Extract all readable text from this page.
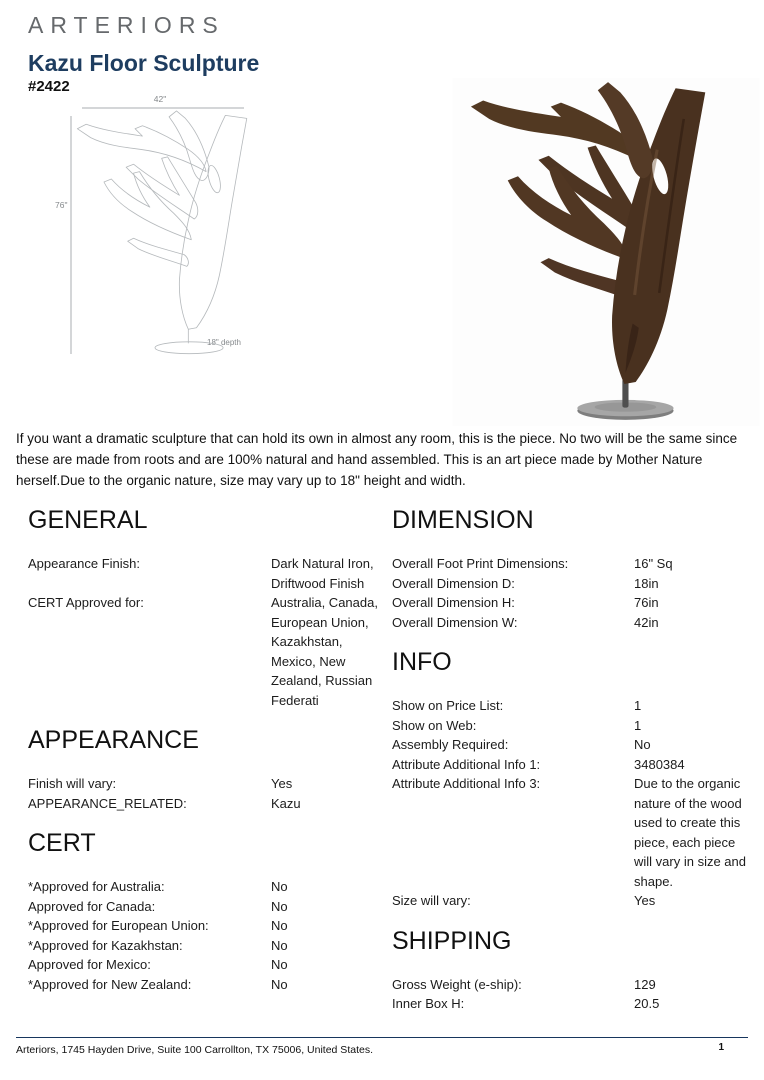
ARTERIORS
Kazu Floor Sculpture
#2422
42"
76"
18" depth
If you want a dramatic sculpture that can hold its own in almost any room, this is the piece. No two will be the same since these are made from roots and are 100% natural and hand assembled. This is an art piece made by Mother Nature herself.Due to the organic nature, size may vary up to 18" height and width.
GENERAL
Appearance Finish:	Dark Natural Iron, Driftwood Finish
CERT Approved for:	Australia, Canada, European Union, Kazakhstan, Mexico, New Zealand, Russian Federati
APPEARANCE
Finish will vary:	Yes
APPEARANCE_RELATED:	Kazu
CERT
*Approved for Australia:	No
Approved for Canada:	No
*Approved for European Union:	No
*Approved for Kazakhstan:	No
Approved for Mexico:	No
*Approved for New Zealand:	No
DIMENSION
Overall Foot Print Dimensions:	16" Sq
Overall Dimension D:	18in
Overall Dimension H:	76in
Overall Dimension W:	42in
INFO
Show on Price List:	1
Show on Web:	1
Assembly Required:	No
Attribute Additional Info 1:	3480384
Attribute Additional Info 3:	Due to the organic nature of the wood used to create this piece, each piece will vary in size and shape.
Size will vary:	Yes
SHIPPING
Gross Weight (e-ship):	129
Inner Box H:	20.5
Arteriors, 1745 Hayden Drive, Suite 100 Carrollton, TX 75006, United States.	1
